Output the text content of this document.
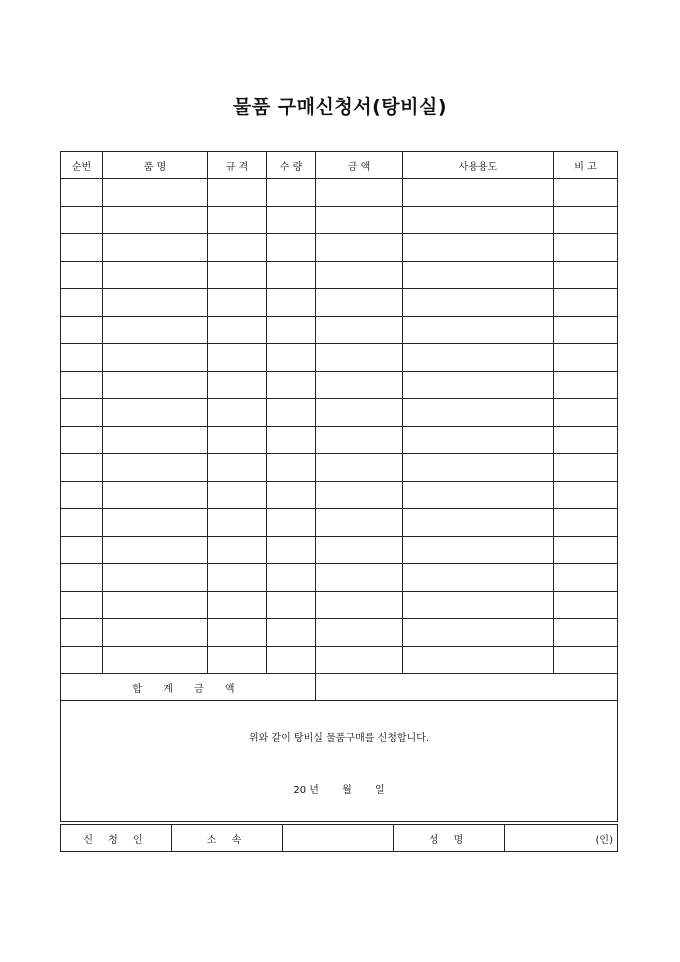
물품 구매신청서(탕비실)
순번	품 명	규 격	수 량	금 액	사용용도	비 고

합 계 금 액						

위와 같이 탕비실 물품구매를 신청합니다.
20 년 월 일						
신 청 인	소 속		성 명	(인)
